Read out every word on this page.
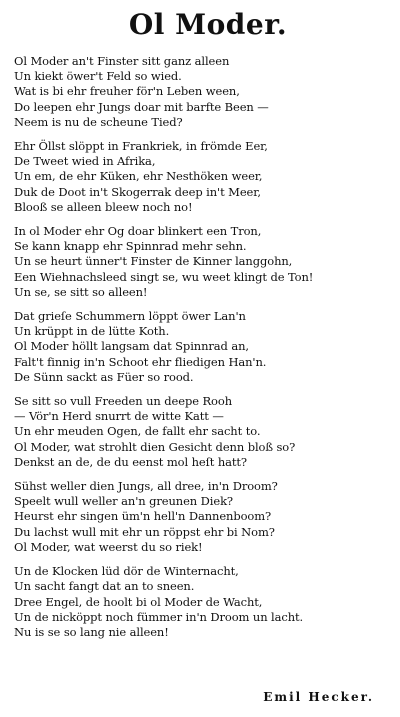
Ol Moder.
Ol Moder an't Finster sitt ganz alleen
Un kiekt öwer't Feld so wied.
Wat is bi ehr freuher för'n Leben ween,
Do leepen ehr Jungs doar mit barfte Been —
Neem is nu de scheune Tied?
Ehr Öllst slöppt in Frankriek, in frömde Eer,
De Tweet wied in Afrika,
Un em, de ehr Küken, ehr Nesthöken weer,
Duk de Doot in't Skogerrak deep in't Meer,
Blooß se alleen bleew noch no!
In ol Moder ehr Og doar blinkert een Tron,
Se kann knapp ehr Spinnrad mehr sehn.
Un se heurt ünner't Finster de Kinner langgohn,
Een Wiehnachsleed singt se, wu weet klingt de Ton!
Un se, se sitt so alleen!
Dat grieſe Schummern löppt öwer Lan'n
Un krüppt in de lütte Koth.
Ol Moder höllt langsam dat Spinnrad an,
Falt't finnig in'n Schoot ehr fliedigen Han'n.
De Sünn sackt as Füer so rood.
Se sitt so vull Freeden un deepe Rooh
— Vör'n Herd snurrt de witte Katt —
Un ehr meuden Ogen, de fallt ehr sacht to.
Ol Moder, wat strohlt dien Gesicht denn bloß so?
Denkst an de, de du eenst mol heſt hatt?
Sühst weller dien Jungs, all dree, in'n Droom?
Speelt wull weller an'n greunen Diek?
Heurst ehr singen üm'n hell'n Dannenboom?
Du lachst wull mit ehr un röppst ehr bi Nom?
Ol Moder, wat weerst du so riek!
Un de Klocken lüd dör de Winternacht,
Un sacht fangt dat an to sneen.
Dree Engel, de hoolt bi ol Moder de Wacht,
Un de nicköppt noch fümmer in'n Droom un lacht.
Nu is se so lang nie alleen!
Emil Hecker.
